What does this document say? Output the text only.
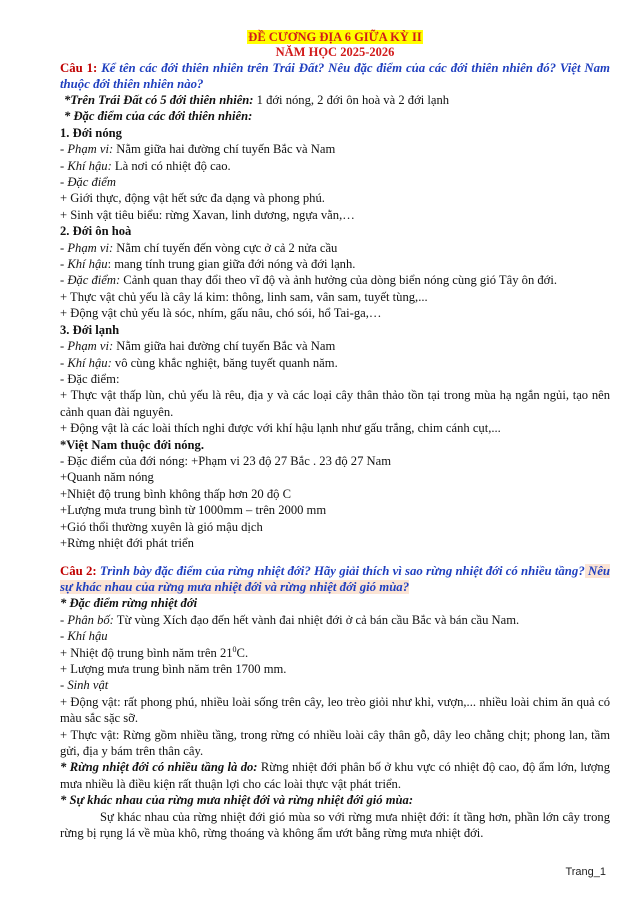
ĐỀ CƯƠNG ĐỊA 6 GIỮA KỲ II
NĂM HỌC 2025-2026

Câu 1: Kể tên các đới thiên nhiên trên Trái Đất? Nêu đặc điểm của các đới thiên nhiên đó? Việt Nam thuộc đới thiên nhiên nào?

*Trên Trái Đất có 5 đới thiên nhiên: 1 đới nóng, 2 đới ôn hoà và 2 đới lạnh

* Đặc điểm của các đới thiên nhiên:

1. Đới nóng

- Phạm vi: Nằm giữa hai đường chí tuyến Bắc và Nam

- Khí hậu: Là nơi có nhiệt độ cao.

- Đặc điểm

+ Giới thực, động vật hết sức đa dạng và phong phú.

+ Sinh vật tiêu biểu: rừng Xavan, linh dương, ngựa vằn,…

2. Đới ôn hoà

- Phạm vi: Nằm chí tuyến đến vòng cực ở cả 2 nửa cầu

- Khí hậu: mang tính trung gian giữa đới nóng và đới lạnh.

- Đặc điểm: Cảnh quan thay đổi theo vĩ độ và ảnh hưởng của dòng biển nóng cùng gió Tây ôn đới.

+ Thực vật chủ yếu là cây lá kim: thông, linh sam, vân sam, tuyết tùng,...

+ Động vật chủ yếu là sóc, nhím, gấu nâu, chó sói, hổ Tai-ga,…

3. Đới lạnh

- Phạm vi: Nằm giữa hai đường chí tuyến Bắc và Nam

- Khí hậu: vô cùng khắc nghiệt, băng tuyết quanh năm.

- Đặc điểm:

+ Thực vật thấp lùn, chủ yếu là rêu, địa y và các loại cây thân thảo tồn tại trong mùa hạ ngắn ngủi, tạo nên cảnh quan đài nguyên.

+ Động vật là các loài thích nghi được với khí hậu lạnh như gấu trắng, chim cánh cụt,...

*Việt Nam thuộc đới nóng.

- Đặc điểm của đới nóng: +Phạm vi 23 độ 27 Bắc . 23 độ 27 Nam

+Quanh năm nóng

+Nhiệt độ trung bình không thấp hơn 20 độ C

+Lượng mưa trung bình từ 1000mm – trên 2000 mm

+Gió thổi thường xuyên là gió mậu dịch

+Rừng nhiệt đới phát triển

Câu 2: Trình bày đặc điểm của rừng nhiệt đới? Hãy giải thích vì sao rừng nhiệt đới có nhiều tầng? Nêu sự khác nhau của rừng mưa nhiệt đới và rừng nhiệt đới gió mùa?

* Đặc điểm rừng nhiệt đới

- Phân bố: Từ vùng Xích đạo đến hết vành đai nhiệt đới ở cả bán cầu Bắc và bán cầu Nam.

- Khí hậu

+ Nhiệt độ trung bình năm trên $21^0C$.

+ Lượng mưa trung bình năm trên 1700 mm.

- Sinh vật

+ Động vật: rất phong phú, nhiều loài sống trên cây, leo trèo giỏi như khỉ, vượn,... nhiều loài chim ăn quả có màu sắc sặc sỡ.

+ Thực vật: Rừng gồm nhiều tầng, trong rừng có nhiều loài cây thân gỗ, dây leo chằng chịt; phong lan, tầm gửi, địa y bám trên thân cây.

* Rừng nhiệt đới có nhiều tầng là do: Rừng nhiệt đới phân bố ở khu vực có nhiệt độ cao, độ ẩm lớn, lượng mưa nhiều là điều kiện rất thuận lợi cho các loài thực vật phát triển.

* Sự khác nhau của rừng mưa nhiệt đới và rừng nhiệt đới gió mùa:

Sự khác nhau của rừng nhiệt đới gió mùa so với rừng mưa nhiệt đới: ít tầng hơn, phần lớn cây trong rừng bị rụng lá về mùa khô, rừng thoáng và không ẩm ướt bằng rừng mưa nhiệt đới.

Trang_1
